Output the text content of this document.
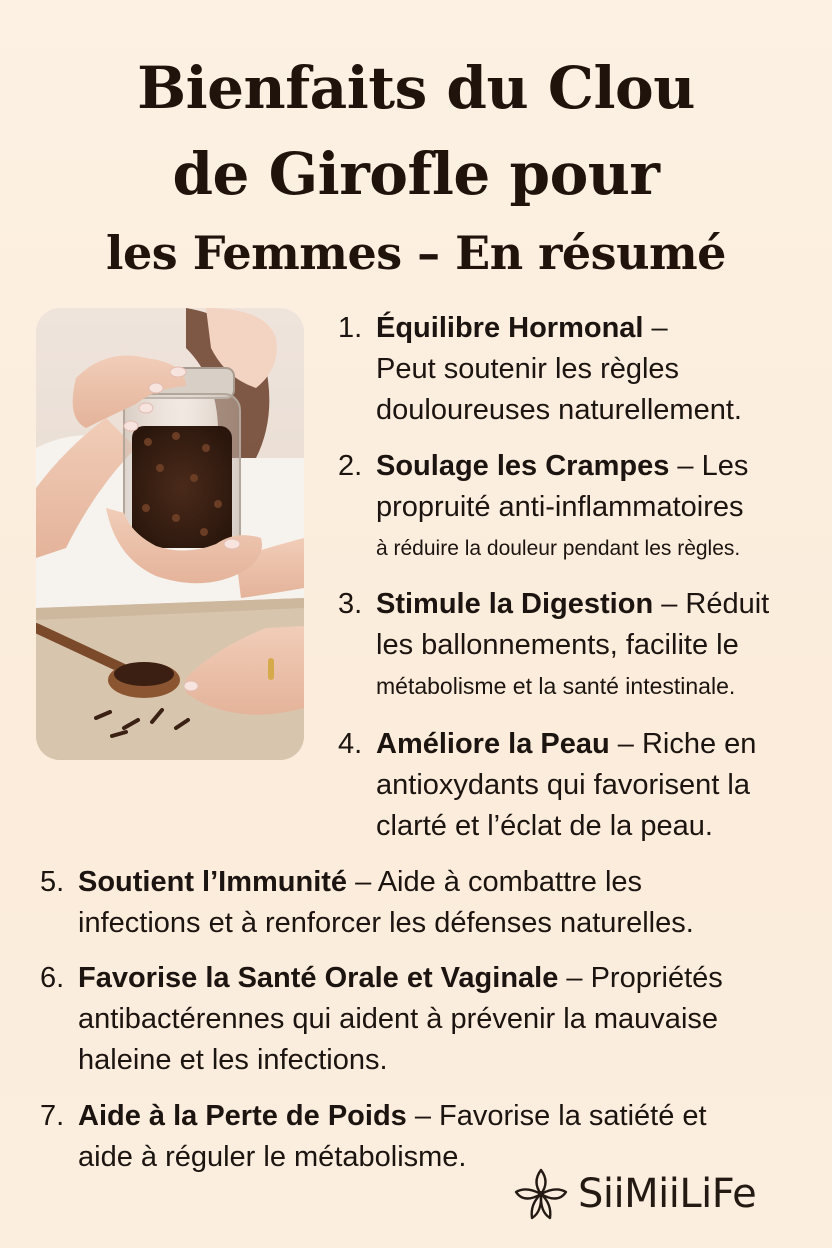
Bienfaits du Clou
de Girofle pour
les Femmes – En résumé
1. Équilibre Hormonal –
Peut soutenir les règles
douloureuses naturellement.
2. Soulage les Crampes – Les
propruité anti-inflammatoires
à réduire la douleur pendant les règles.
3. Stimule la Digestion – Réduit
les ballonnements, facilite le
métabolisme et la santé intestinale.
4. Améliore la Peau – Riche en
antioxydants qui favorisent la
clarté et l’éclat de la peau.
5. Soutient l’Immunité – Aide à combattre les
infections et à renforcer les défenses naturelles.
6. Favorise la Santé Orale et Vaginale – Propriétés
antibactérennes qui aident à prévenir la mauvaise
haleine et les infections.
7. Aide à la Perte de Poids – Favorise la satiété et
aide à réguler le métabolisme.
SiiMiiLiFe
